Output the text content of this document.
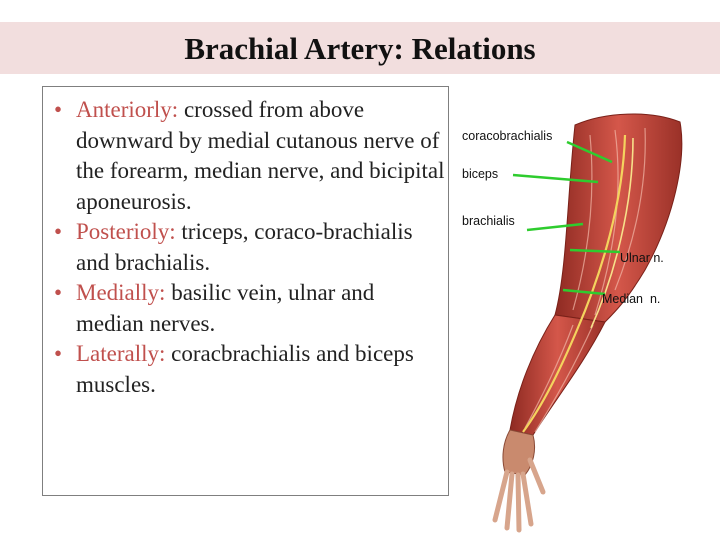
Brachial Artery: Relations
• Anteriorly: crossed from above downward by medial cutanous nerve of the forearm, median nerve, and bicipital aponeurosis.
• Posterioly: triceps, coraco-brachialis and brachialis.
• Medially: basilic vein, ulnar and median nerves.
• Laterally: coracbrachialis and biceps muscles.
coracobrachialis
biceps
brachialis
Ulnar n.
Median  n.
